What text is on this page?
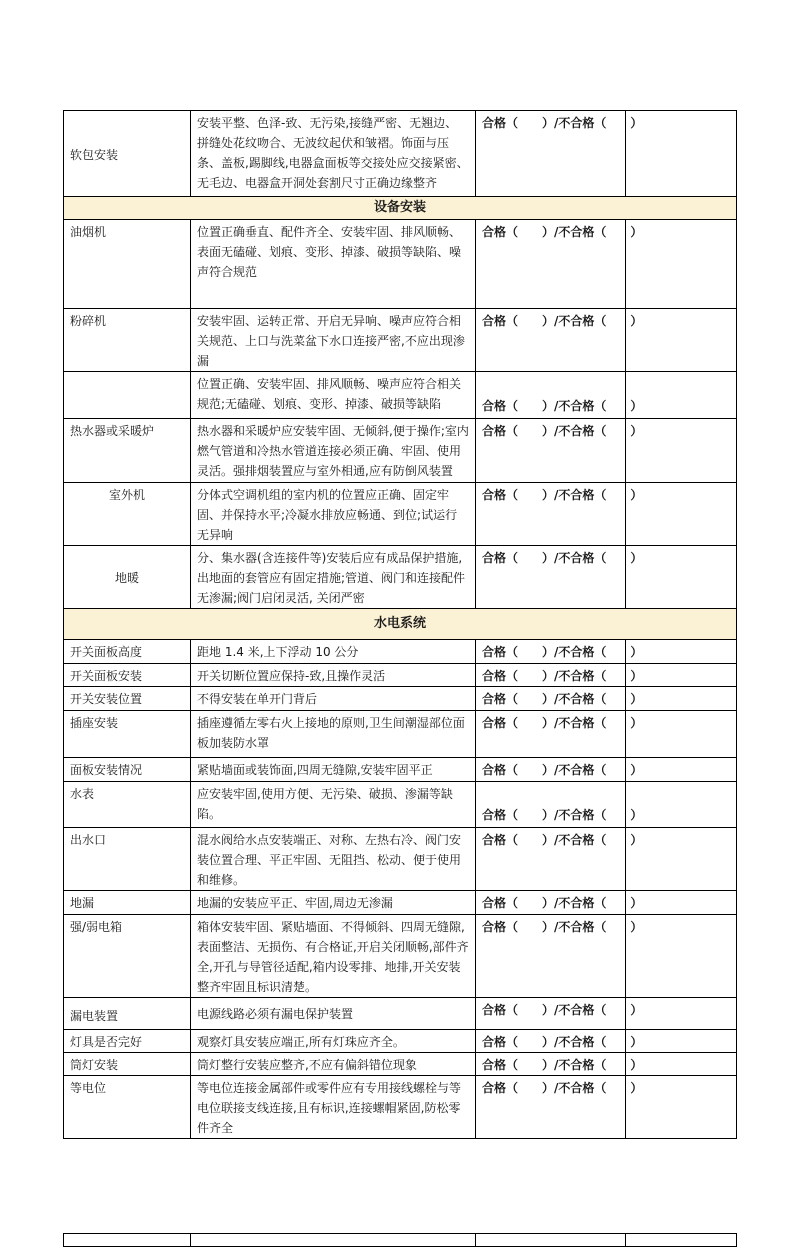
软包安装	安装平整、色泽-致、无污染,接缝严密、无翘边、拼缝处花纹吻合、无波纹起伏和皱褶。饰面与压条、盖板,踢脚线,电器盒面板等交接处应交接紧密、无毛边、电器盒开洞处套割尺寸正确边缘整齐	合格（　　）/不合格（　　）	
设备安装			
油烟机	位置正确垂直、配件齐全、安装牢固、排风顺畅、表面无磕碰、划痕、变形、掉漆、破损等缺陷、噪声符合规范	合格（　　）/不合格（　　）	
粉碎机	安装牢固、运转正常、开启无异响、噪声应符合相关规范、上口与洗菜盆下水口连接严密,不应出现渗漏	合格（　　）/不合格（　　）	
	位置正确、安装牢固、排风顺畅、噪声应符合相关规范;无磕碰、划痕、变形、掉漆、破损等缺陷	合格（　　）/不合格（　　）	
热水器或采暖炉	热水器和采暖炉应安装牢固、无倾斜,便于操作;室内燃气管道和冷热水管道连接必须正确、牢固、使用灵活。强排烟装置应与室外相通,应有防倒风装置	合格（　　）/不合格（　　）	
室外机	分体式空调机组的室内机的位置应正确、固定牢固、并保持水平;冷凝水排放应畅通、到位;试运行无异响	合格（　　）/不合格（　　）	
地暖	分、集水器(含连接件等)安装后应有成品保护措施,出地面的套管应有固定措施;管道、阀门和连接配件无渗漏;阀门启闭灵活, 关闭严密	合格（　　）/不合格（　　）	
水电系统			
开关面板高度	距地 1.4 米,上下浮动 10 公分	合格（　　）/不合格（　　）	
开关面板安装	开关切断位置应保持-致,且操作灵活	合格（　　）/不合格（　　）	
开关安装位置	不得安装在单开门背后	合格（　　）/不合格（　　）	
插座安装	插座遵循左零右火上接地的原则,卫生间潮湿部位面板加装防水罩	合格（　　）/不合格（　　）	
面板安装情况	紧贴墙面或装饰面,四周无缝隙,安装牢固平正	合格（　　）/不合格（　　）	
水表	应安装牢固,使用方便、无污染、破损、渗漏等缺陷。	合格（　　）/不合格（　　）	
出水口	混水阀给水点安装端正、对称、左热右冷、阀门安装位置合理、平正牢固、无阻挡、松动、便于使用和维修。	合格（　　）/不合格（　　）	
地漏	地漏的安装应平正、牢固,周边无渗漏	合格（　　）/不合格（　　）	
强/弱电箱	箱体安装牢固、紧贴墙面、不得倾斜、四周无缝隙,表面整洁、无损伤、有合格证,开启关闭顺畅,部件齐全,开孔与导管径适配,箱内设零排、地排,开关安装整齐牢固且标识清楚。	合格（　　）/不合格（　　）	
漏电装置	电源线路必须有漏电保护装置	合格（　　）/不合格（　　）	
灯具是否完好	观察灯具安装应端正,所有灯珠应齐全。	合格（　　）/不合格（　　）	
筒灯安装	筒灯整行安装应整齐,不应有偏斜错位现象	合格（　　）/不合格（　　）	
等电位	等电位连接金属部件或零件应有专用接线螺栓与等电位联接支线连接,且有标识,连接螺帽紧固,防松零件齐全	合格（　　）/不合格（　　）	
